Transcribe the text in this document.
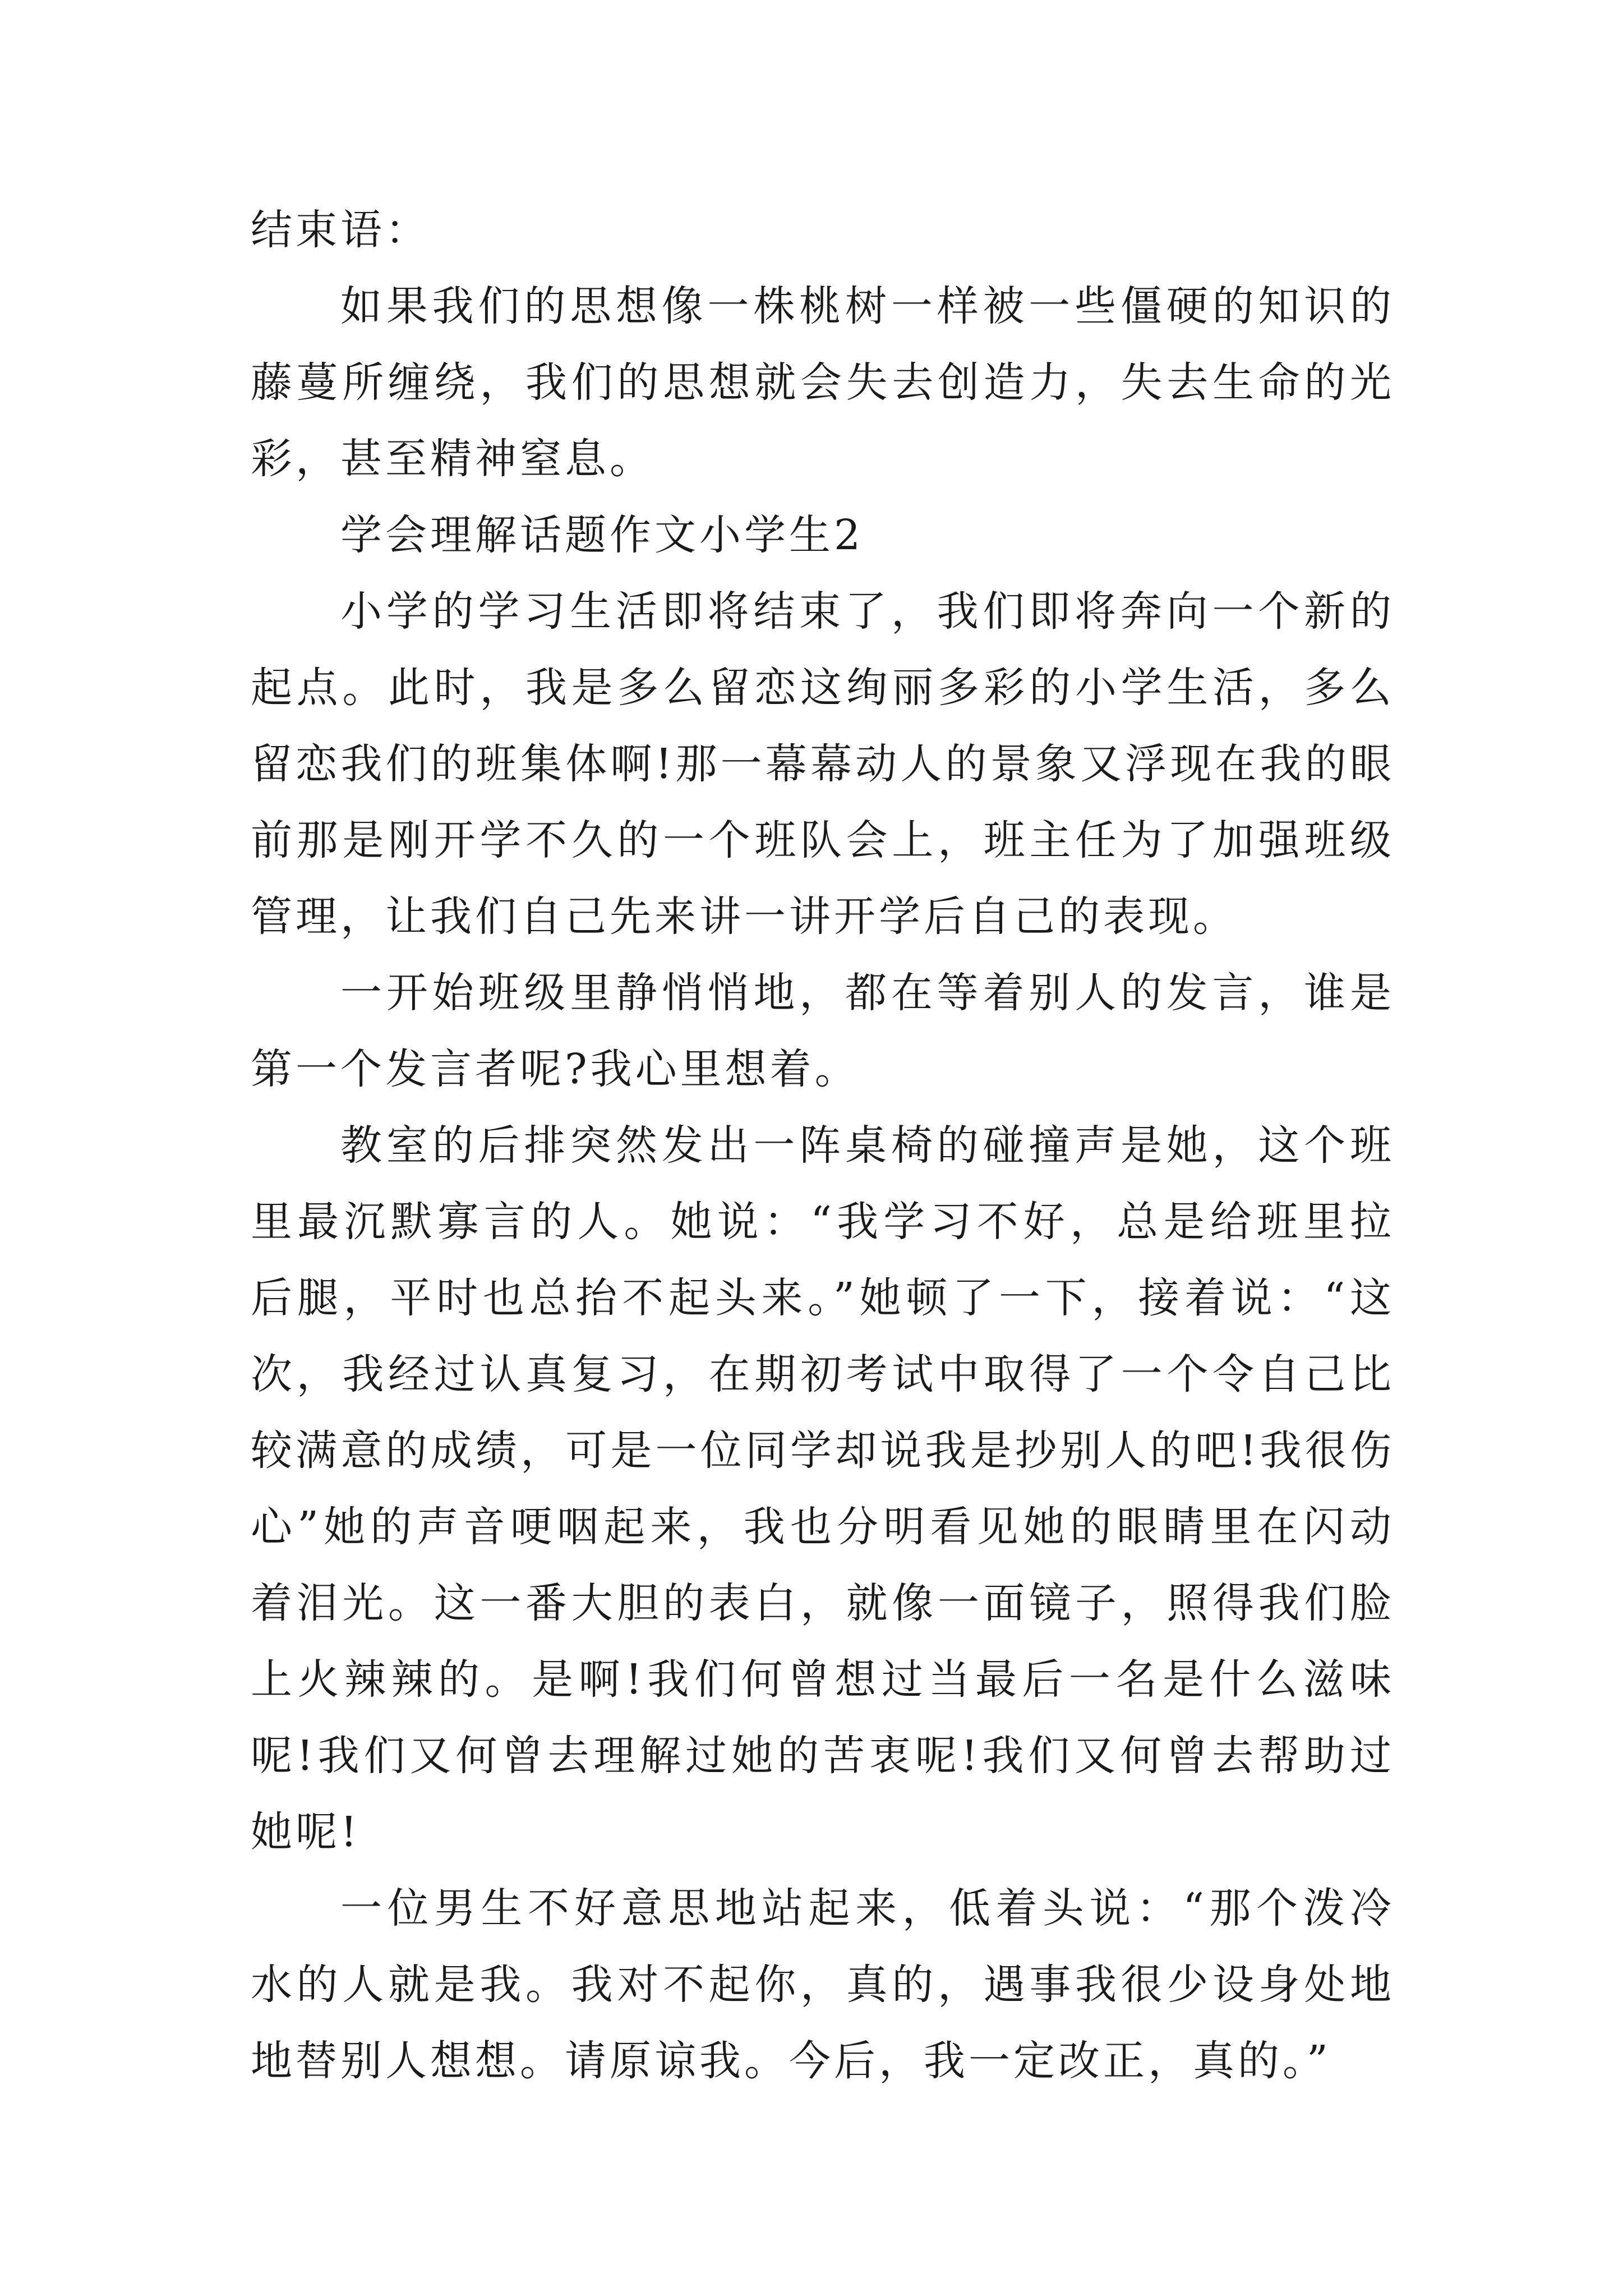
结束语：

如果我们的思想像一株桃树一样被一些僵硬的知识的藤蔓所缠绕，我们的思想就会失去创造力，失去生命的光彩，甚至精神窒息。

学会理解话题作文小学生2

小学的学习生活即将结束了，我们即将奔向一个新的起点。此时，我是多么留恋这绚丽多彩的小学生活，多么留恋我们的班集体啊!那一幕幕动人的景象又浮现在我的眼前那是刚开学不久的一个班队会上，班主任为了加强班级管理，让我们自己先来讲一讲开学后自己的表现。

一开始班级里静悄悄地，都在等着别人的发言，谁是第一个发言者呢?我心里想着。

教室的后排突然发出一阵桌椅的碰撞声是她，这个班里最沉默寡言的人。她说：“我学习不好，总是给班里拉后腿，平时也总抬不起头来。”她顿了一下，接着说：“这次，我经过认真复习，在期初考试中取得了一个令自己比较满意的成绩，可是一位同学却说我是抄别人的吧!我很伤心”她的声音哽咽起来，我也分明看见她的眼睛里在闪动着泪光。这一番大胆的表白，就像一面镜子，照得我们脸上火辣辣的。是啊!我们何曾想过当最后一名是什么滋味呢!我们又何曾去理解过她的苦衷呢!我们又何曾去帮助过她呢!

一位男生不好意思地站起来，低着头说：“那个泼冷水的人就是我。我对不起你，真的，遇事我很少设身处地地替别人想想。请原谅我。今后，我一定改正，真的。”
